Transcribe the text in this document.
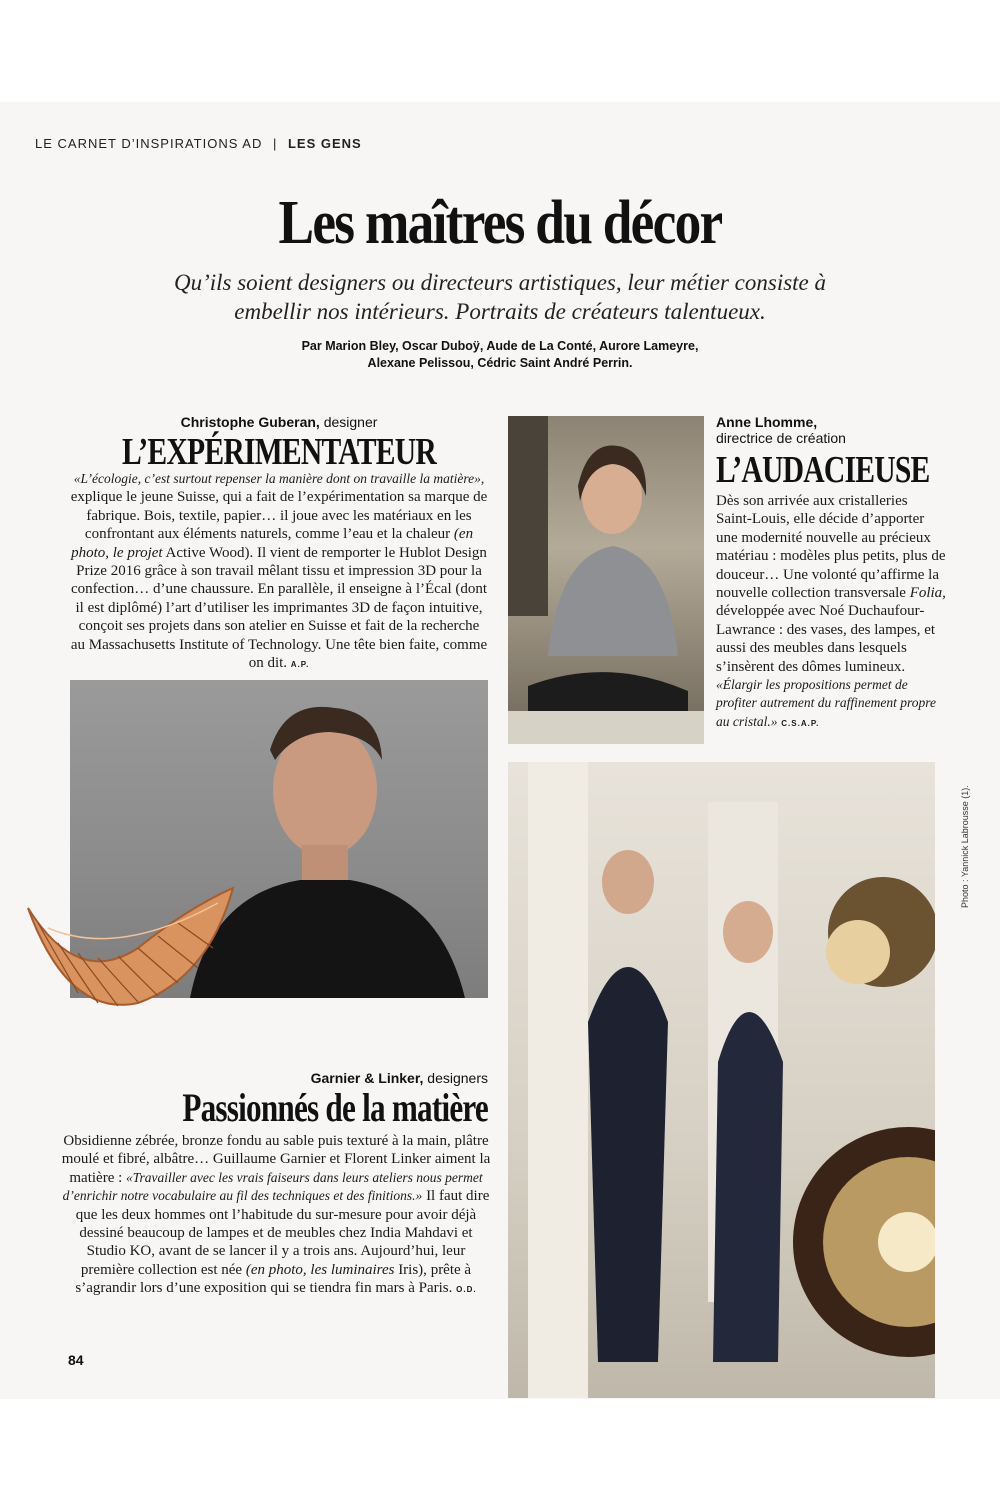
LE CARNET D’INSPIRATIONS AD | LES GENS
Les maîtres du décor
Qu’ils soient designers ou directeurs artistiques, leur métier consiste à embellir nos intérieurs. Portraits de créateurs talentueux.
Par Marion Bley, Oscar Duboÿ, Aude de La Conté, Aurore Lameyre,
Alexane Pelissou, Cédric Saint André Perrin.
Christophe Guberan, designer
L’EXPÉRIMENTATEUR
«L’écologie, c’est surtout repenser la manière dont on travaille la matière», explique le jeune Suisse, qui a fait de l’expérimentation sa marque de fabrique. Bois, textile, papier… il joue avec les matériaux en les confrontant aux éléments naturels, comme l’eau et la chaleur (en photo, le projet Active Wood). Il vient de remporter le Hublot Design Prize 2016 grâce à son travail mêlant tissu et impression 3D pour la confection… d’une chaussure. En parallèle, il enseigne à l’Écal (dont il est diplômé) l’art d’utiliser les imprimantes 3D de façon intuitive, conçoit ses projets dans son atelier en Suisse et fait de la recherche au Massachusetts Institute of Technology. Une tête bien faite, comme on dit. A.P.
Anne Lhomme,
directrice de création
L’AUDACIEUSE
Dès son arrivée aux cristalleries Saint-Louis, elle décide d’apporter une modernité nouvelle au précieux matériau : modèles plus petits, plus de douceur… Une volonté qu’affirme la nouvelle collection transversale Folia, développée avec Noé Duchaufour-Lawrance : des vases, des lampes, et aussi des meubles dans lesquels s’insèrent des dômes lumineux. «Élargir les propositions permet de profiter autrement du raffinement propre au cristal.» C.S.A.P.
Photo : Yannick Labrousse (1).
Garnier & Linker, designers
Passionnés de la matière
Obsidienne zébrée, bronze fondu au sable puis texturé à la main, plâtre moulé et fibré, albâtre… Guillaume Garnier et Florent Linker aiment la matière : «Travailler avec les vrais faiseurs dans leurs ateliers nous permet d’enrichir notre vocabulaire au fil des techniques et des finitions.» Il faut dire que les deux hommes ont l’habitude du sur-mesure pour avoir déjà dessiné beaucoup de lampes et de meubles chez India Mahdavi et Studio KO, avant de se lancer il y a trois ans. Aujourd’hui, leur première collection est née (en photo, les luminaires Iris), prête à s’agrandir lors d’une exposition qui se tiendra fin mars à Paris. O.D.
84
